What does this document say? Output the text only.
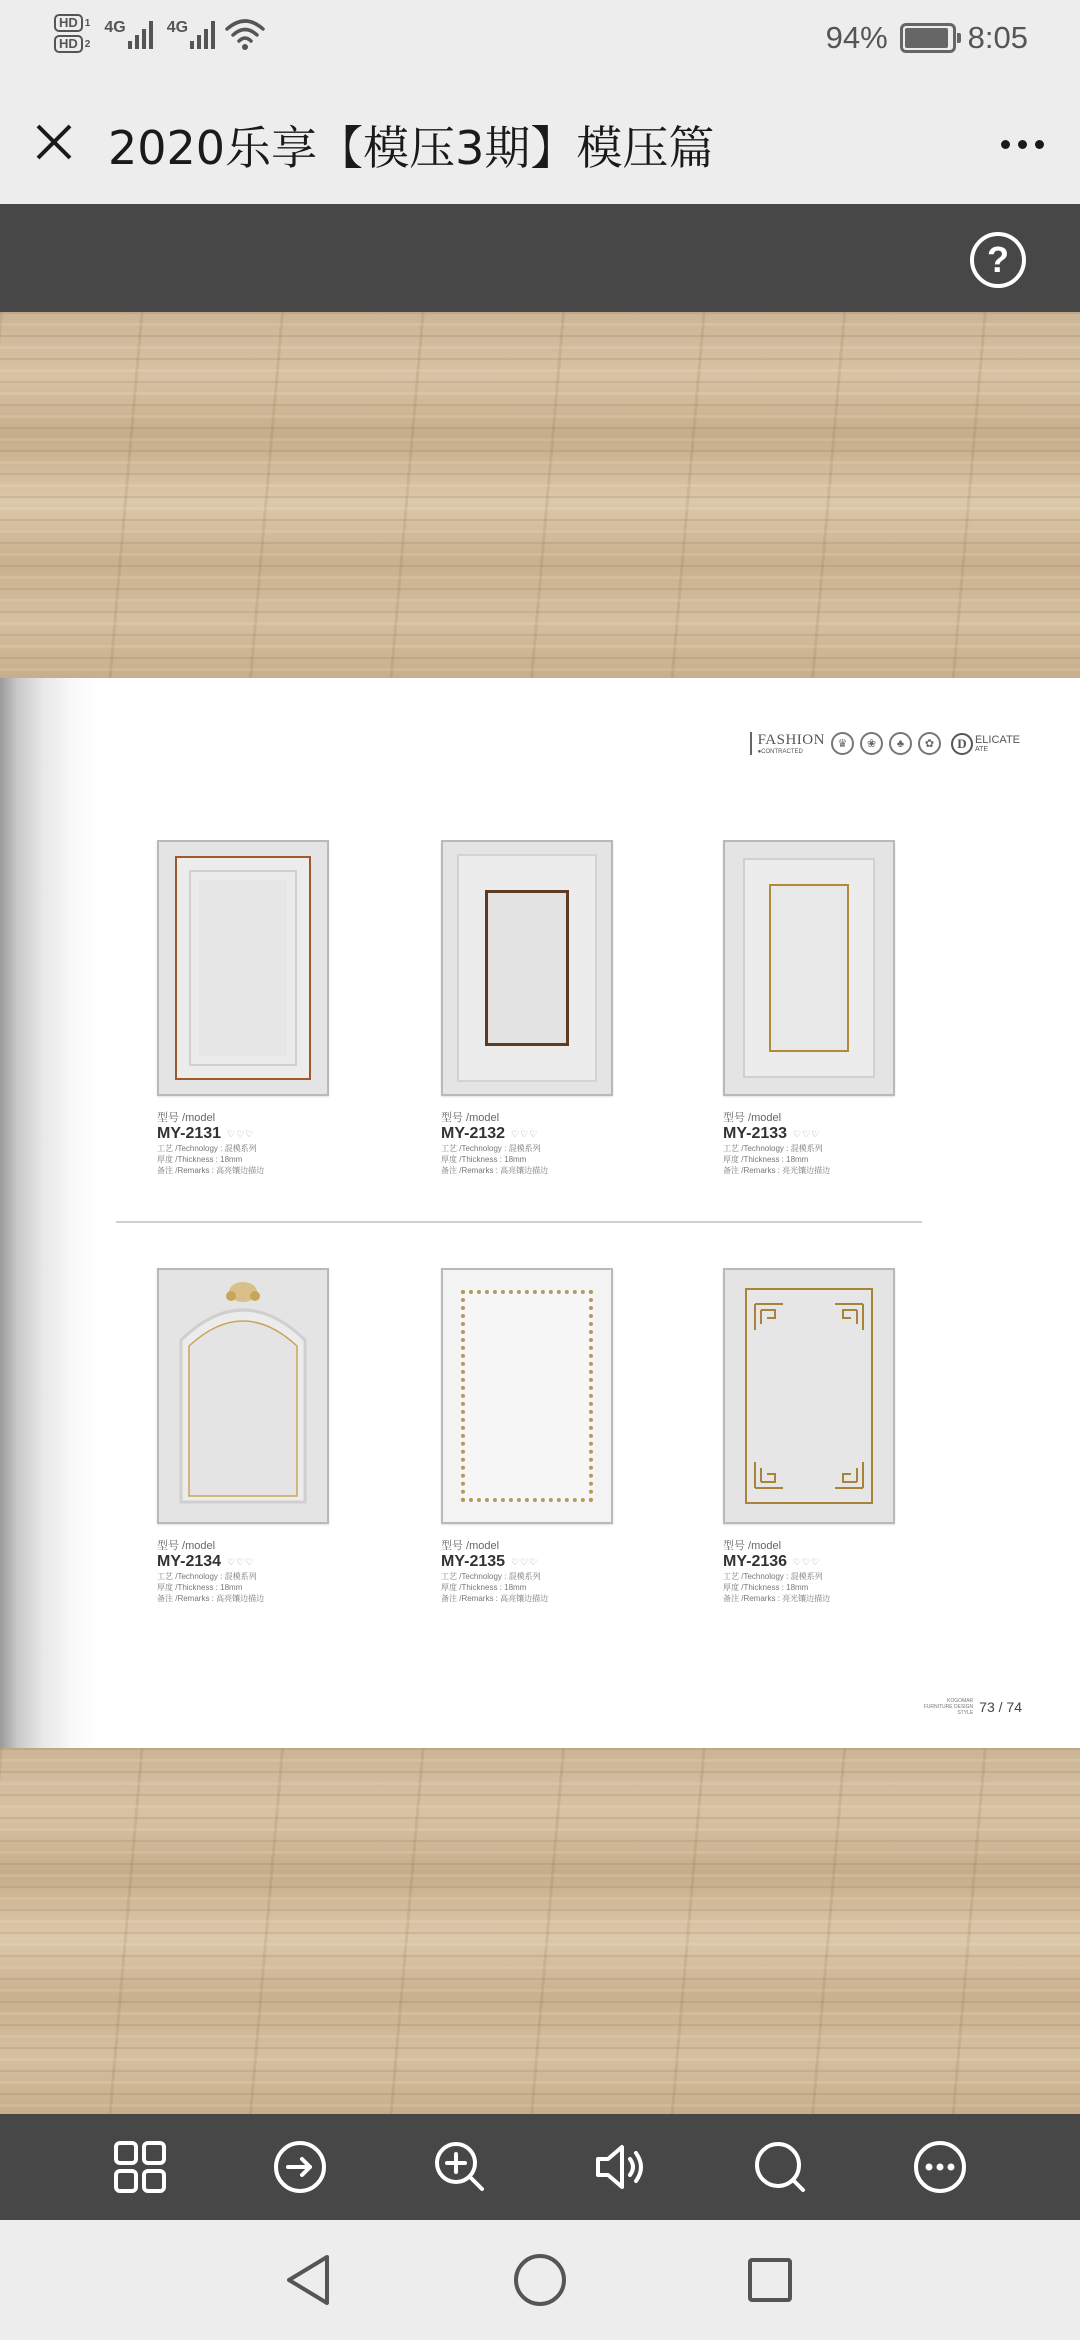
HD 1
HD 2
4G	4G	94%	8:05
2020乐享【模压3期】模压篇
?
FASHION
●CONTRACTED
♛	❀	♣	✿	D ELICATE
ATE
型号 /model
MY-2131 ♡♡♡
工艺 /Technology : 混模系列
厚度 /Thickness : 18mm
备注 /Remarks : 高亮镶边描边
型号 /model
MY-2132 ♡♡♡
工艺 /Technology : 混模系列
厚度 /Thickness : 18mm
备注 /Remarks : 高亮镶边描边
型号 /model
MY-2133 ♡♡♡
工艺 /Technology : 混模系列
厚度 /Thickness : 18mm
备注 /Remarks : 亮光镶边描边
型号 /model
MY-2134 ♡♡♡
工艺 /Technology : 混模系列
厚度 /Thickness : 18mm
备注 /Remarks : 高亮镶边描边
型号 /model
MY-2135 ♡♡♡
工艺 /Technology : 混模系列
厚度 /Thickness : 18mm
备注 /Remarks : 高亮镶边描边
型号 /model
MY-2136 ♡♡♡
工艺 /Technology : 混模系列
厚度 /Thickness : 18mm
备注 /Remarks : 亮光镶边描边
KOGOMAR
FURNITURE DESIGN
STYLE 73 / 74
